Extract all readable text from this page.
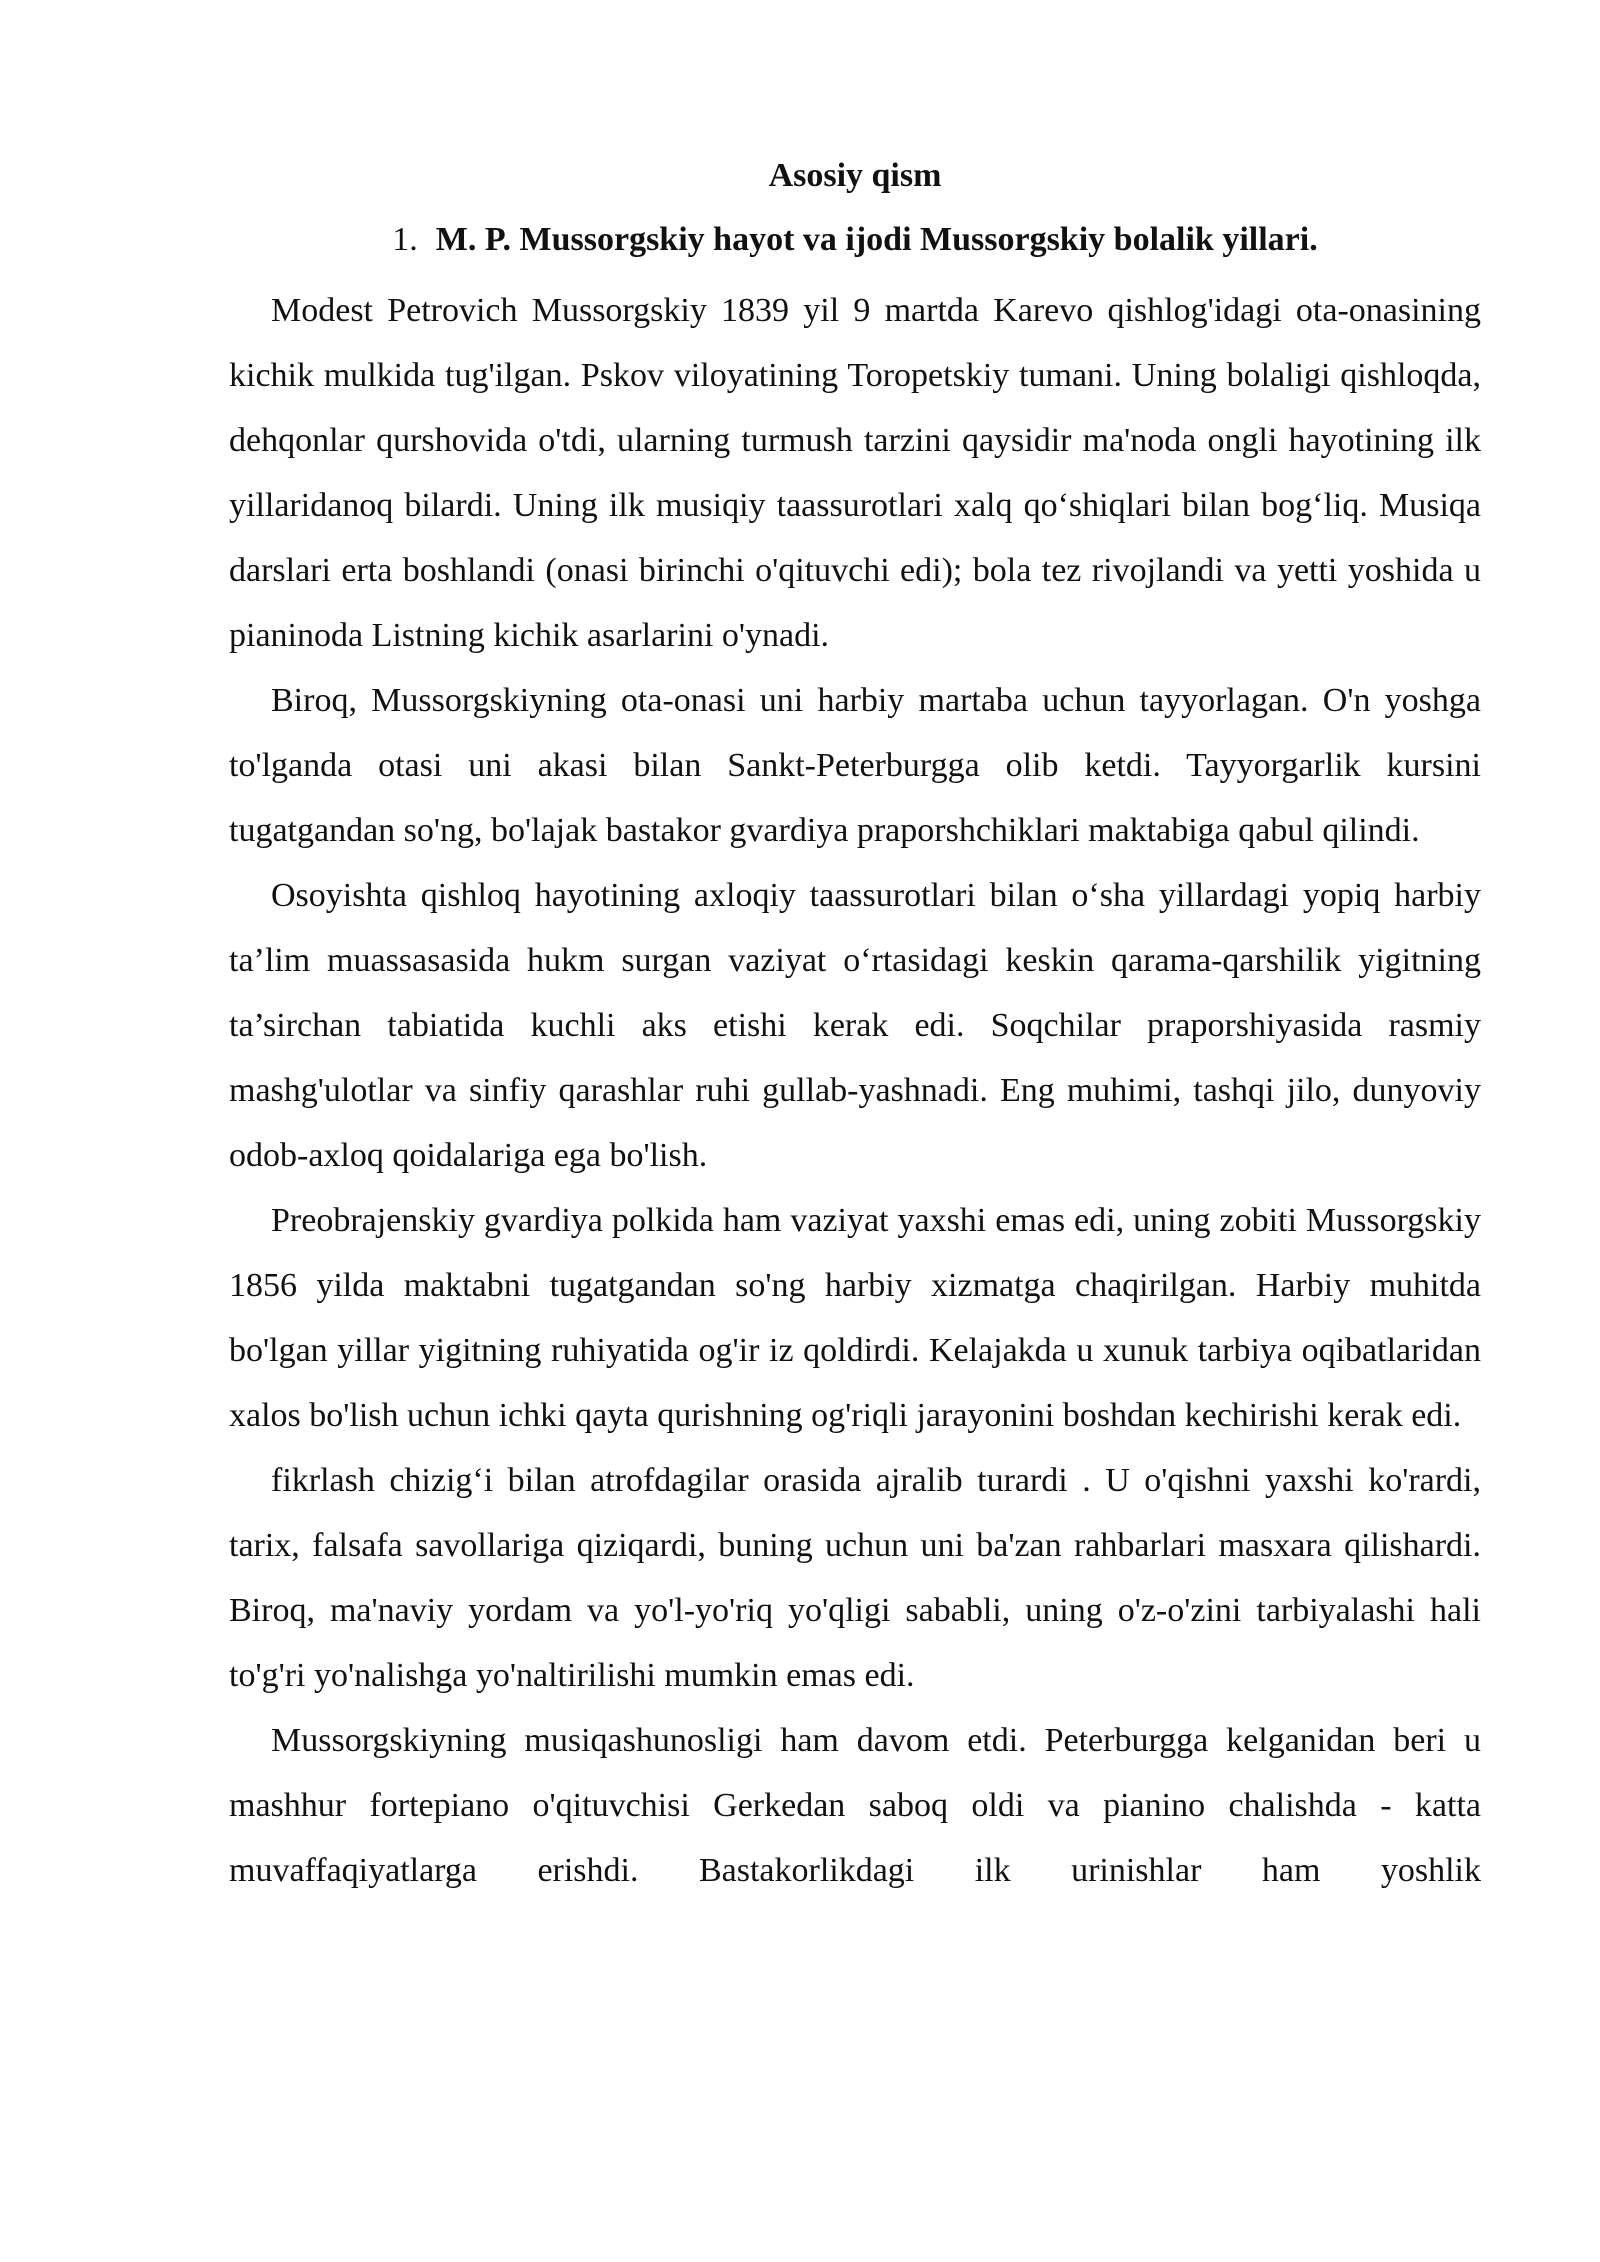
Asosiy qism
1. M. P. Mussorgskiy hayot va ijodi Mussorgskiy bolalik yillari.

Modest Petrovich Mussorgskiy 1839 yil 9 martda Karevo qishlog'idagi ota-onasining kichik mulkida tug'ilgan. Pskov viloyatining Toropetskiy tumani. Uning bolaligi qishloqda, dehqonlar qurshovida o'tdi, ularning turmush tarzini qaysidir ma'noda ongli hayotining ilk yillaridanoq bilardi. Uning ilk musiqiy taassurotlari xalq qo‘shiqlari bilan bog‘liq. Musiqa darslari erta boshlandi (onasi birinchi o'qituvchi edi); bola tez rivojlandi va yetti yoshida u pianinoda Listning kichik asarlarini o'ynadi.

Biroq, Mussorgskiyning ota-onasi uni harbiy martaba uchun tayyorlagan. O'n yoshga to'lganda otasi uni akasi bilan Sankt-Peterburgga olib ketdi. Tayyorgarlik kursini tugatgandan so'ng, bo'lajak bastakor gvardiya praporshchiklari maktabiga qabul qilindi.

Osoyishta qishloq hayotining axloqiy taassurotlari bilan o‘sha yillardagi yopiq harbiy ta’lim muassasasida hukm surgan vaziyat o‘rtasidagi keskin qarama-qarshilik yigitning ta’sirchan tabiatida kuchli aks etishi kerak edi. Soqchilar praporshiyasida rasmiy mashg'ulotlar va sinfiy qarashlar ruhi gullab-yashnadi. Eng muhimi, tashqi jilo, dunyoviy odob-axloq qoidalariga ega bo'lish.

Preobrajenskiy gvardiya polkida ham vaziyat yaxshi emas edi, uning zobiti Mussorgskiy 1856 yilda maktabni tugatgandan so'ng harbiy xizmatga chaqirilgan. Harbiy muhitda bo'lgan yillar yigitning ruhiyatida og'ir iz qoldirdi. Kelajakda u xunuk tarbiya oqibatlaridan xalos bo'lish uchun ichki qayta qurishning og'riqli jarayonini boshdan kechirishi kerak edi.

fikrlash chizig‘i bilan atrofdagilar orasida ajralib turardi . U o'qishni yaxshi ko'rardi, tarix, falsafa savollariga qiziqardi, buning uchun uni ba'zan rahbarlari masxara qilishardi. Biroq, ma'naviy yordam va yo'l-yo'riq yo'qligi sababli, uning o'z-o'zini tarbiyalashi hali to'g'ri yo'nalishga yo'naltirilishi mumkin emas edi.

Mussorgskiyning musiqashunosligi ham davom etdi. Peterburgga kelganidan beri u mashhur fortepiano o'qituvchisi Gerkedan saboq oldi va pianino chalishda - katta muvaffaqiyatlarga erishdi. Bastakorlikdagi ilk urinishlar ham yoshlik
